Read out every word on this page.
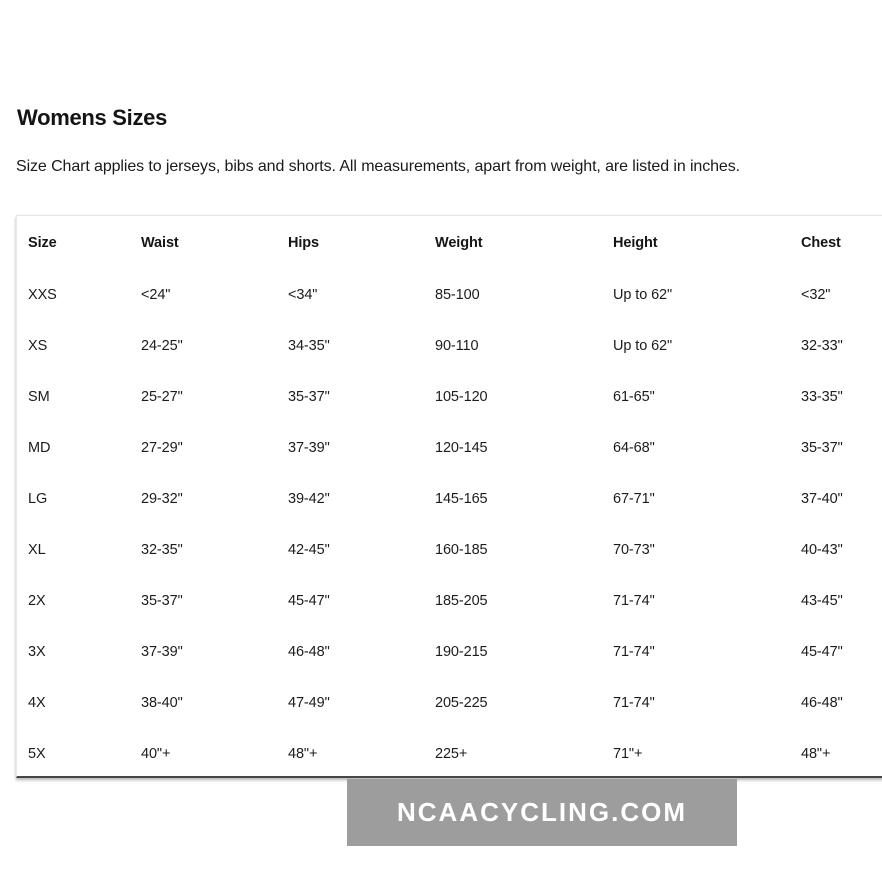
Womens Sizes

Size Chart applies to jerseys, bibs and shorts. All measurements, apart from weight, are listed in inches.

Size	Waist	Hips	Weight	Height	Chest
XXS	<24"	<34"	85-100	Up to 62"	<32"
XS	24-25"	34-35"	90-110	Up to 62"	32-33"
SM	25-27"	35-37"	105-120	61-65"	33-35"
MD	27-29"	37-39"	120-145	64-68"	35-37"
LG	29-32"	39-42"	145-165	67-71"	37-40"
XL	32-35"	42-45"	160-185	70-73"	40-43"
2X	35-37"	45-47"	185-205	71-74"	43-45"
3X	37-39"	46-48"	190-215	71-74"	45-47"
4X	38-40"	47-49"	205-225	71-74"	46-48"
5X	40"+	48"+	225+	71"+	48"+
NCAACYCLING.COM
